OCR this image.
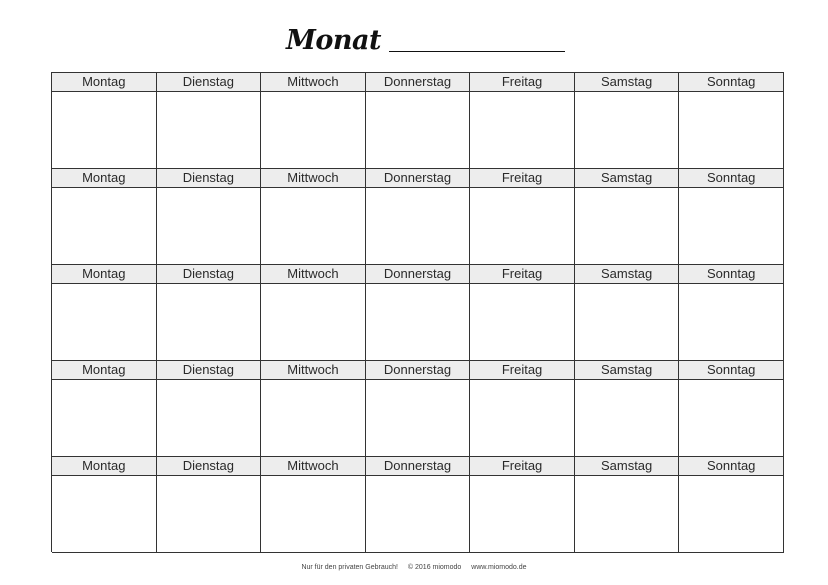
Monat
Montag	Dienstag	Mittwoch	Donnerstag	Freitag	Samstag	Sonntag
Montag	Dienstag	Mittwoch	Donnerstag	Freitag	Samstag	Sonntag
Montag	Dienstag	Mittwoch	Donnerstag	Freitag	Samstag	Sonntag
Montag	Dienstag	Mittwoch	Donnerstag	Freitag	Samstag	Sonntag
Montag	Dienstag	Mittwoch	Donnerstag	Freitag	Samstag	Sonntag
Nur für den privaten Gebrauch! © 2016 miomodo www.miomodo.de
